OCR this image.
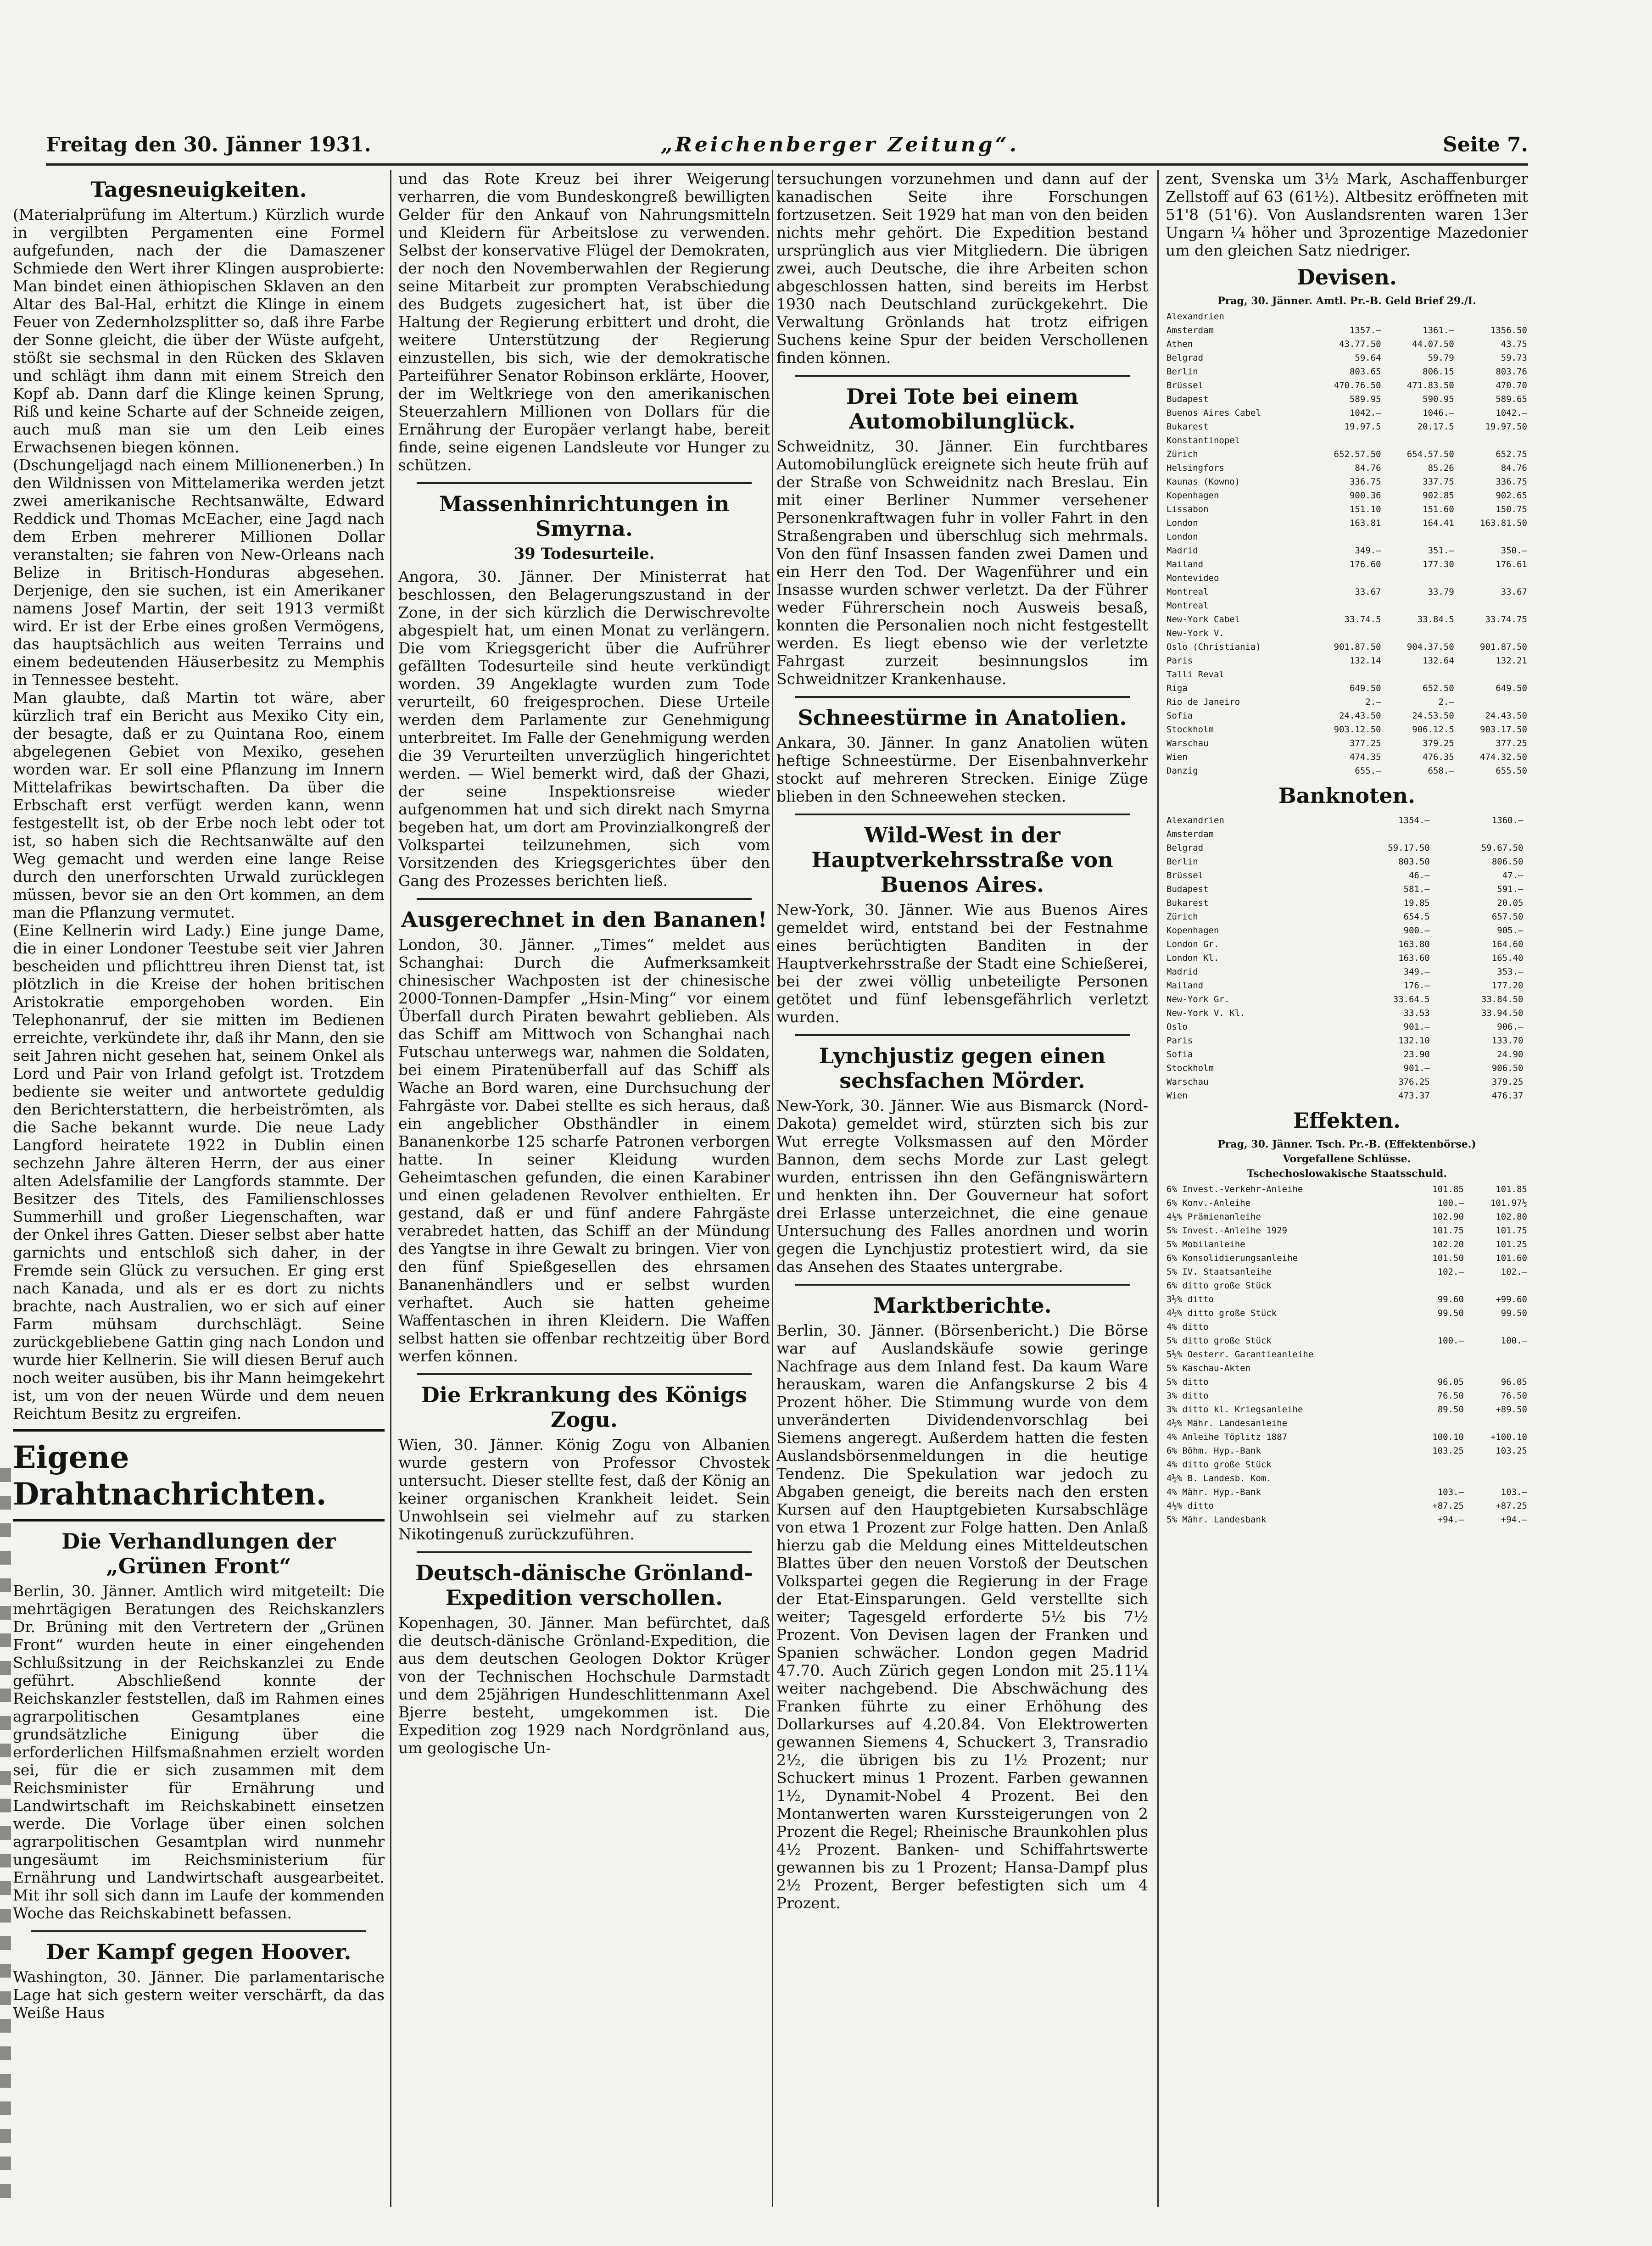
Freitag den 30. Jänner 1931.	„Reichenberger Zeitung“.	Seite 7.
Tagesneuigkeiten.

(Materialprüfung im Altertum.) Kürzlich wurde in vergilbten Pergamenten eine Formel aufgefunden, nach der die Damaszener Schmiede den Wert ihrer Klingen ausprobierte: Man bindet einen äthiopischen Sklaven an den Altar des Bal-Hal, erhitzt die Klinge in einem Feuer von Zedernholzsplitter so, daß ihre Farbe der Sonne gleicht, die über der Wüste aufgeht, stößt sie sechsmal in den Rücken des Sklaven und schlägt ihm dann mit einem Streich den Kopf ab. Dann darf die Klinge keinen Sprung, Riß und keine Scharte auf der Schneide zeigen, auch muß man sie um den Leib eines Erwachsenen biegen können.

(Dschungeljagd nach einem Millionenerben.) In den Wildnissen von Mittelamerika werden jetzt zwei amerikanische Rechtsanwälte, Edward Reddick und Thomas McEacher, eine Jagd nach dem Erben mehrerer Millionen Dollar veranstalten; sie fahren von New-Orleans nach Belize in Britisch-Honduras abgesehen. Derjenige, den sie suchen, ist ein Amerikaner namens Josef Martin, der seit 1913 vermißt wird. Er ist der Erbe eines großen Vermögens, das hauptsächlich aus weiten Terrains und einem bedeutenden Häuserbesitz zu Memphis in Tennessee besteht.

Man glaubte, daß Martin tot wäre, aber kürzlich traf ein Bericht aus Mexiko City ein, der besagte, daß er zu Quintana Roo, einem abgelegenen Gebiet von Mexiko, gesehen worden war. Er soll eine Pflanzung im Innern Mittelafrikas bewirtschaften. Da über die Erbschaft erst verfügt werden kann, wenn festgestellt ist, ob der Erbe noch lebt oder tot ist, so haben sich die Rechtsanwälte auf den Weg gemacht und werden eine lange Reise durch den unerforschten Urwald zurücklegen müssen, bevor sie an den Ort kommen, an dem man die Pflanzung vermutet.

(Eine Kellnerin wird Lady.) Eine junge Dame, die in einer Londoner Teestube seit vier Jahren bescheiden und pflichttreu ihren Dienst tat, ist plötzlich in die Kreise der hohen britischen Aristokratie emporgehoben worden. Ein Telephonanruf, der sie mitten im Bedienen erreichte, verkündete ihr, daß ihr Mann, den sie seit Jahren nicht gesehen hat, seinem Onkel als Lord und Pair von Irland gefolgt ist. Trotzdem bediente sie weiter und antwortete geduldig den Berichterstattern, die herbeiströmten, als die Sache bekannt wurde. Die neue Lady Langford heiratete 1922 in Dublin einen sechzehn Jahre älteren Herrn, der aus einer alten Adelsfamilie der Langfords stammte. Der Besitzer des Titels, des Familienschlosses Summerhill und großer Liegenschaften, war der Onkel ihres Gatten. Dieser selbst aber hatte garnichts und entschloß sich daher, in der Fremde sein Glück zu versuchen. Er ging erst nach Kanada, und als er es dort zu nichts brachte, nach Australien, wo er sich auf einer Farm mühsam durchschlägt. Seine zurückgebliebene Gattin ging nach London und wurde hier Kellnerin. Sie will diesen Beruf auch noch weiter ausüben, bis ihr Mann heimgekehrt ist, um von der neuen Würde und dem neuen Reichtum Besitz zu ergreifen.

Eigene Drahtnachrichten.
Die Verhandlungen der „Grünen Front“

Berlin, 30. Jänner. Amtlich wird mitgeteilt: Die mehrtägigen Beratungen des Reichskanzlers Dr. Brüning mit den Vertretern der „Grünen Front“ wurden heute in einer eingehenden Schlußsitzung in der Reichskanzlei zu Ende geführt. Abschließend konnte der Reichskanzler feststellen, daß im Rahmen eines agrarpolitischen Gesamtplanes eine grundsätzliche Einigung über die erforderlichen Hilfsmaßnahmen erzielt worden sei, für die er sich zusammen mit dem Reichsminister für Ernährung und Landwirtschaft im Reichskabinett einsetzen werde. Die Vorlage über einen solchen agrarpolitischen Gesamtplan wird nunmehr ungesäumt im Reichsministerium für Ernährung und Landwirtschaft ausgearbeitet. Mit ihr soll sich dann im Laufe der kommenden Woche das Reichskabinett befassen.

Der Kampf gegen Hoover.

Washington, 30. Jänner. Die parlamentarische Lage hat sich gestern weiter verschärft, da das Weiße Haus

und das Rote Kreuz bei ihrer Weigerung verharren, die vom Bundeskongreß bewilligten Gelder für den Ankauf von Nahrungsmitteln und Kleidern für Arbeitslose zu verwenden. Selbst der konservative Flügel der Demokraten, der noch den Novemberwahlen der Regierung seine Mitarbeit zur prompten Verabschiedung des Budgets zugesichert hat, ist über die Haltung der Regierung erbittert und droht, die weitere Unterstützung der Regierung einzustellen, bis sich, wie der demokratische Parteiführer Senator Robinson erklärte, Hoover, der im Weltkriege von den amerikanischen Steuerzahlern Millionen von Dollars für die Ernährung der Europäer verlangt habe, bereit finde, seine eigenen Landsleute vor Hunger zu schützen.

Massenhinrichtungen in Smyrna.
39 Todesurteile.

Angora, 30. Jänner. Der Ministerrat hat beschlossen, den Belagerungszustand in der Zone, in der sich kürzlich die Derwischrevolte abgespielt hat, um einen Monat zu verlängern. Die vom Kriegsgericht über die Aufrührer gefällten Todesurteile sind heute verkündigt worden. 39 Angeklagte wurden zum Tode verurteilt, 60 freigesprochen. Diese Urteile werden dem Parlamente zur Genehmigung unterbreitet. Im Falle der Genehmigung werden die 39 Verurteilten unverzüglich hingerichtet werden. — Wiel bemerkt wird, daß der Ghazi, der seine Inspektionsreise wieder aufgenommen hat und sich direkt nach Smyrna begeben hat, um dort am Provinzialkongreß der Volkspartei teilzunehmen, sich vom Vorsitzenden des Kriegsgerichtes über den Gang des Prozesses berichten ließ.

Ausgerechnet in den Bananen!

London, 30. Jänner. „Times“ meldet aus Schanghai: Durch die Aufmerksamkeit chinesischer Wachposten ist der chinesische 2000-Tonnen-Dampfer „Hsin-Ming“ vor einem Überfall durch Piraten bewahrt geblieben. Als das Schiff am Mittwoch von Schanghai nach Futschau unterwegs war, nahmen die Soldaten, bei einem Piratenüberfall auf das Schiff als Wache an Bord waren, eine Durchsuchung der Fahrgäste vor. Dabei stellte es sich heraus, daß ein angeblicher Obsthändler in einem Bananenkorbe 125 scharfe Patronen verborgen hatte. In seiner Kleidung wurden Geheimtaschen gefunden, die einen Karabiner und einen geladenen Revolver enthielten. Er gestand, daß er und fünf andere Fahrgäste verabredet hatten, das Schiff an der Mündung des Yangtse in ihre Gewalt zu bringen. Vier von den fünf Spießgesellen des ehrsamen Bananenhändlers und er selbst wurden verhaftet. Auch sie hatten geheime Waffentaschen in ihren Kleidern. Die Waffen selbst hatten sie offenbar rechtzeitig über Bord werfen können.

Die Erkrankung des Königs Zogu.

Wien, 30. Jänner. König Zogu von Albanien wurde gestern von Professor Chvostek untersucht. Dieser stellte fest, daß der König an keiner organischen Krankheit leidet. Sein Unwohlsein sei vielmehr auf zu starken Nikotingenuß zurückzuführen.

Deutsch-dänische Grönland-Expedition verschollen.

Kopenhagen, 30. Jänner. Man befürchtet, daß die deutsch-dänische Grönland-Expedition, die aus dem deutschen Geologen Doktor Krüger von der Technischen Hochschule Darmstadt und dem 25jährigen Hundeschlittenmann Axel Bjerre besteht, umgekommen ist. Die Expedition zog 1929 nach Nordgrönland aus, um geologische Un-

tersuchungen vorzunehmen und dann auf der kanadischen Seite ihre Forschungen fortzusetzen. Seit 1929 hat man von den beiden nichts mehr gehört. Die Expedition bestand ursprünglich aus vier Mitgliedern. Die übrigen zwei, auch Deutsche, die ihre Arbeiten schon abgeschlossen hatten, sind bereits im Herbst 1930 nach Deutschland zurückgekehrt. Die Verwaltung Grönlands hat trotz eifrigen Suchens keine Spur der beiden Verschollenen finden können.

Drei Tote bei einem Automobilunglück.

Schweidnitz, 30. Jänner. Ein furchtbares Automobilunglück ereignete sich heute früh auf der Straße von Schweidnitz nach Breslau. Ein mit einer Berliner Nummer versehener Personenkraftwagen fuhr in voller Fahrt in den Straßengraben und überschlug sich mehrmals. Von den fünf Insassen fanden zwei Damen und ein Herr den Tod. Der Wagenführer und ein Insasse wurden schwer verletzt. Da der Führer weder Führerschein noch Ausweis besaß, konnten die Personalien noch nicht festgestellt werden. Es liegt ebenso wie der verletzte Fahrgast zurzeit besinnungslos im Schweidnitzer Krankenhause.

Schneestürme in Anatolien.

Ankara, 30. Jänner. In ganz Anatolien wüten heftige Schneestürme. Der Eisenbahnverkehr stockt auf mehreren Strecken. Einige Züge blieben in den Schneewehen stecken.

Wild-West in der Hauptverkehrsstraße von Buenos Aires.

New-York, 30. Jänner. Wie aus Buenos Aires gemeldet wird, entstand bei der Festnahme eines berüchtigten Banditen in der Hauptverkehrsstraße der Stadt eine Schießerei, bei der zwei völlig unbeteiligte Personen getötet und fünf lebensgefährlich verletzt wurden.

Lynchjustiz gegen einen sechsfachen Mörder.

New-York, 30. Jänner. Wie aus Bismarck (Nord-Dakota) gemeldet wird, stürzten sich bis zur Wut erregte Volksmassen auf den Mörder Bannon, dem sechs Morde zur Last gelegt wurden, entrissen ihn den Gefängniswärtern und henkten ihn. Der Gouverneur hat sofort drei Erlasse unterzeichnet, die eine genaue Untersuchung des Falles anordnen und worin gegen die Lynchjustiz protestiert wird, da sie das Ansehen des Staates untergrabe.

Marktberichte.

Berlin, 30. Jänner. (Börsenbericht.) Die Börse war auf Auslandskäufe sowie geringe Nachfrage aus dem Inland fest. Da kaum Ware herauskam, waren die Anfangskurse 2 bis 4 Prozent höher. Die Stimmung wurde von dem unveränderten Dividendenvorschlag bei Siemens angeregt. Außerdem hatten die festen Auslandsbörsenmeldungen in die heutige Tendenz. Die Spekulation war jedoch zu Abgaben geneigt, die bereits nach den ersten Kursen auf den Hauptgebieten Kursabschläge von etwa 1 Prozent zur Folge hatten. Den Anlaß hierzu gab die Meldung eines Mitteldeutschen Blattes über den neuen Vorstoß der Deutschen Volkspartei gegen die Regierung in der Frage der Etat-Einsparungen. Geld verstellte sich weiter; Tagesgeld erforderte 5½ bis 7½ Prozent. Von Devisen lagen der Franken und Spanien schwächer. London gegen Madrid 47.70. Auch Zürich gegen London mit 25.11¼ weiter nachgebend. Die Abschwächung des Franken führte zu einer Erhöhung des Dollarkurses auf 4.20.84. Von Elektrowerten gewannen Siemens 4, Schuckert 3, Transradio 2½, die übrigen bis zu 1½ Prozent; nur Schuckert minus 1 Prozent. Farben gewannen 1½, Dynamit-Nobel 4 Prozent. Bei den Montanwerten waren Kurssteigerungen von 2 Prozent die Regel; Rheinische Braunkohlen plus 4½ Prozent. Banken- und Schiffahrtswerte gewannen bis zu 1 Prozent; Hansa-Dampf plus 2½ Prozent, Berger befestigten sich um 4 Prozent.

zent, Svenska um 3½ Mark, Aschaffenburger Zellstoff auf 63 (61½). Altbesitz eröffneten mit 51'8 (51'6). Von Auslandsrenten waren 13er Ungarn ¼ höher und 3prozentige Mazedonier um den gleichen Satz niedriger.

Devisen.
Prag, 30. Jänner. Amtl. Pr.-B. Geld Brief 29./I.
Alexandrien			
Amsterdam	1357.—	1361.—	1356.50
Athen	43.77.50	44.07.50	43.75
Belgrad	59.64	59.79	59.73
Berlin	803.65	806.15	803.76
Brüssel	470.76.50	471.83.50	470.70
Budapest	589.95	590.95	589.65
Buenos Aires Cabel	1042.—	1046.—	1042.—
Bukarest	19.97.5	20.17.5	19.97.50
Konstantinopel			
Zürich	652.57.50	654.57.50	652.75
Helsingfors	84.76	85.26	84.76
Kaunas (Kowno)	336.75	337.75	336.75
Kopenhagen	900.36	902.85	902.65
Lissabon	151.10	151.60	150.75
London	163.81	164.41	163.81.50
London			
Madrid	349.—	351.—	350.—
Mailand	176.60	177.30	176.61
Montevideo			
Montreal	33.67	33.79	33.67
Montreal			
New-York Cabel	33.74.5	33.84.5	33.74.75
New-York V.			
Oslo (Christiania)	901.87.50	904.37.50	901.87.50
Paris	132.14	132.64	132.21
Talli Reval			
Riga	649.50	652.50	649.50
Rio de Janeiro	2.—	2.—	
Sofia	24.43.50	24.53.50	24.43.50
Stockholm	903.12.50	906.12.5	903.17.50
Warschau	377.25	379.25	377.25
Wien	474.35	476.35	474.32.50
Danzig	655.—	658.—	655.50
Banknoten.
Alexandrien	1354.—	1360.—	
Amsterdam			
Belgrad	59.17.50	59.67.50	
Berlin	803.50	806.50	
Brüssel	46.—	47.—	
Budapest	581.—	591.—	
Bukarest	19.85	20.05	
Zürich	654.5	657.50	
Kopenhagen	900.—	905.—	
London Gr.	163.80	164.60	
London Kl.	163.60	165.40	
Madrid	349.—	353.—	
Mailand	176.—	177.20	
New-York Gr.	33.64.5	33.84.50	
New-York V. Kl.	33.53	33.94.50	
Oslo	901.—	906.—	
Paris	132.10	133.70	
Sofia	23.90	24.90	
Stockholm	901.—	906.50	
Warschau	376.25	379.25	
Wien	473.37	476.37	
Effekten.
Prag, 30. Jänner. Tsch. Pr.-B. (Effektenbörse.)
Vorgefallene Schlüsse.
Tschechoslowakische Staatsschuld.
6% Invest.-Verkehr-Anleihe	101.85	101.85
6% Konv.-Anleihe	100.—	101.97½
4½% Prämienanleihe	102.90	102.80
5% Invest.-Anleihe 1929	101.75	101.75
5% Mobilanleihe	102.20	101.25
6% Konsolidierungsanleihe	101.50	101.60
5% IV. Staatsanleihe	102.—	102.—
6% ditto große Stück		
3½% ditto	99.60	+99.60
4½% ditto große Stück	99.50	99.50
4% ditto		
5% ditto große Stück	100.—	100.—
5½% Oesterr. Garantieanleihe		
5% Kaschau-Akten		
5% ditto	96.05	96.05
3% ditto	76.50	76.50
3% ditto kl. Kriegsanleihe	89.50	+89.50
4½% Mähr. Landesanleihe		
4% Anleihe Töplitz 1887	100.10	+100.10
6% Böhm. Hyp.-Bank	103.25	103.25
4% ditto große Stück		
4½% B. Landesb. Kom.		
4% Mähr. Hyp.-Bank	103.—	103.—
4½% ditto	+87.25	+87.25
5% Mähr. Landesbank	+94.—	+94.—
